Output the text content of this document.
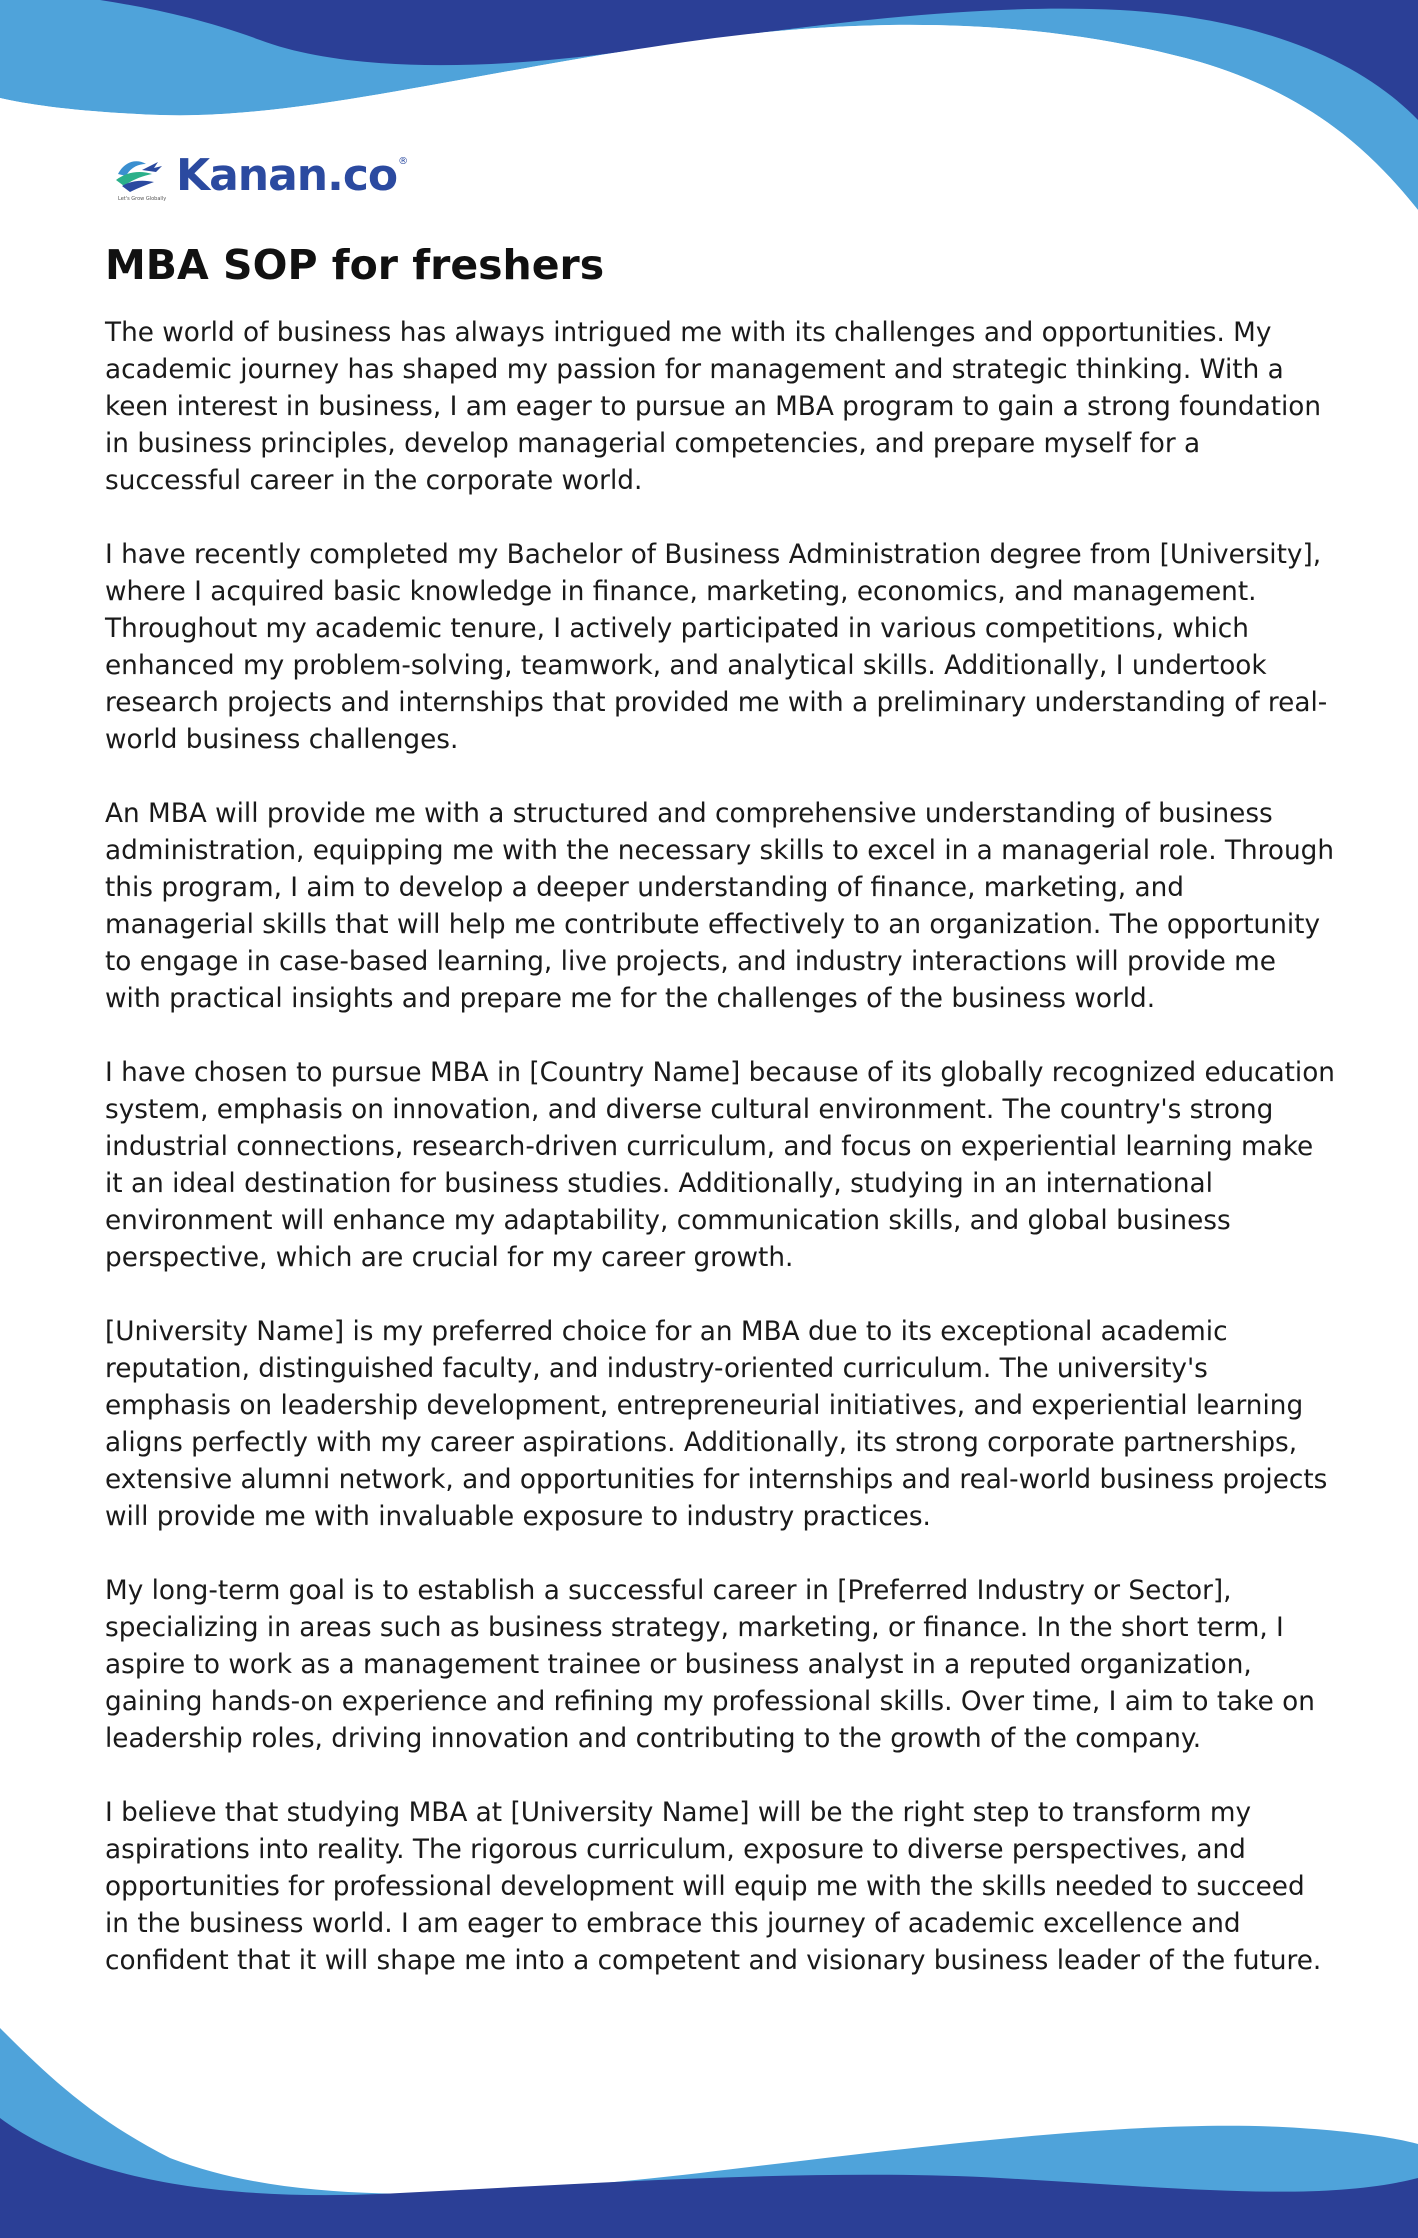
Let's Grow Globally Kanan.co ®
MBA SOP for freshers

The world of business has always intrigued me with its challenges and opportunities. My academic journey has shaped my passion for management and strategic thinking. With a keen interest in business, I am eager to pursue an MBA program to gain a strong foundation in business principles, develop managerial competencies, and prepare myself for a successful career in the corporate world.

I have recently completed my Bachelor of Business Administration degree from [University], where I acquired basic knowledge in finance, marketing, economics, and management. Throughout my academic tenure, I actively participated in various competitions, which enhanced my problem-solving, teamwork, and analytical skills. Additionally, I undertook research projects and internships that provided me with a preliminary understanding of real-world business challenges.

An MBA will provide me with a structured and comprehensive understanding of business administration, equipping me with the necessary skills to excel in a managerial role. Through this program, I aim to develop a deeper understanding of finance, marketing, and managerial skills that will help me contribute effectively to an organization. The opportunity to engage in case-based learning, live projects, and industry interactions will provide me with practical insights and prepare me for the challenges of the business world.

I have chosen to pursue MBA in [Country Name] because of its globally recognized education system, emphasis on innovation, and diverse cultural environment. The country's strong industrial connections, research-driven curriculum, and focus on experiential learning make it an ideal destination for business studies. Additionally, studying in an international environment will enhance my adaptability, communication skills, and global business perspective, which are crucial for my career growth.

[University Name] is my preferred choice for an MBA due to its exceptional academic reputation, distinguished faculty, and industry-oriented curriculum. The university's emphasis on leadership development, entrepreneurial initiatives, and experiential learning aligns perfectly with my career aspirations. Additionally, its strong corporate partnerships, extensive alumni network, and opportunities for internships and real-world business projects will provide me with invaluable exposure to industry practices.

My long-term goal is to establish a successful career in [Preferred Industry or Sector], specializing in areas such as business strategy, marketing, or finance. In the short term, I aspire to work as a management trainee or business analyst in a reputed organization, gaining hands-on experience and refining my professional skills. Over time, I aim to take on leadership roles, driving innovation and contributing to the growth of the company.

I believe that studying MBA at [University Name] will be the right step to transform my aspirations into reality. The rigorous curriculum, exposure to diverse perspectives, and opportunities for professional development will equip me with the skills needed to succeed in the business world. I am eager to embrace this journey of academic excellence and confident that it will shape me into a competent and visionary business leader of the future.
